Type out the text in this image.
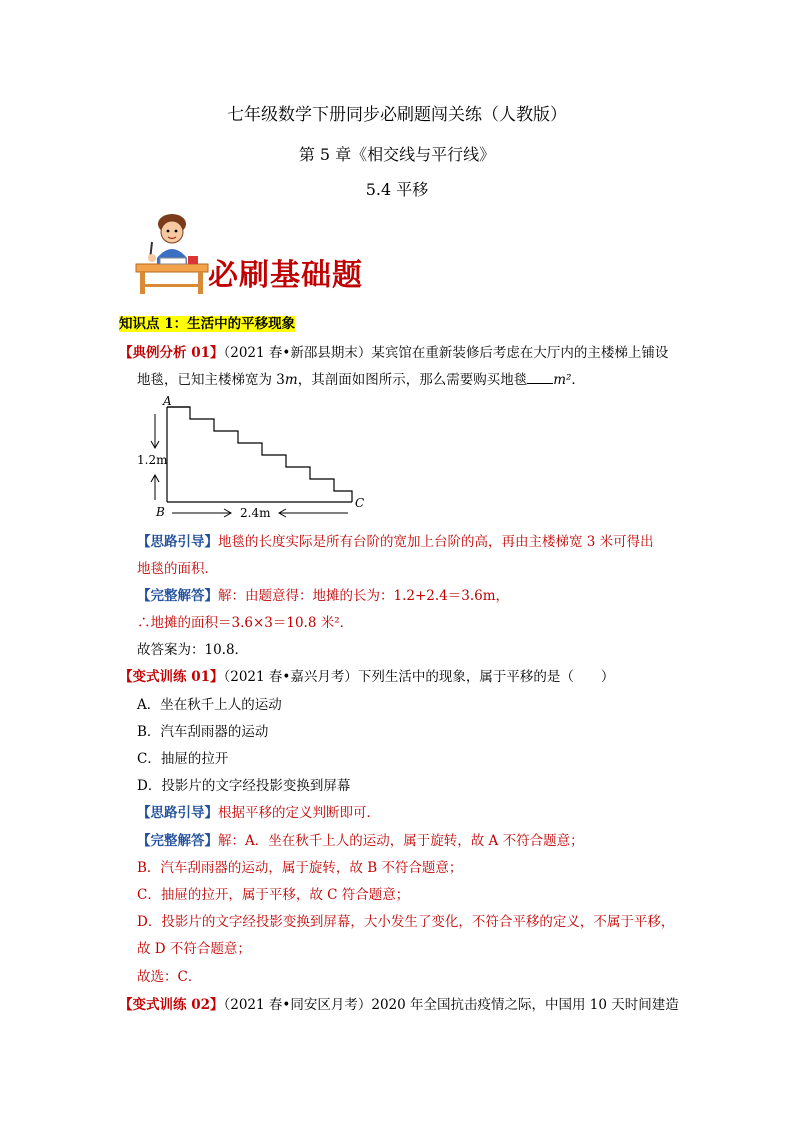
七年级数学下册同步必刷题闯关练（人教版）
第 5 章《相交线与平行线》
5.4 平移
必刷基础题
知识点 1：生活中的平移现象
【典例分析 01】（2021 春•新邵县期末）某宾馆在重新装修后考虑在大厅内的主楼梯上铺设
地毯，已知主楼梯宽为 3m，其剖面如图所示，那么需要购买地毯 m²．
A
B
C
1.2m
2.4m
【思路引导】地毯的长度实际是所有台阶的宽加上台阶的高，再由主楼梯宽 3 米可得出
地毯的面积．
【完整解答】解：由题意得：地摊的长为：1.2+2.4＝3.6m，
∴地摊的面积＝3.6×3＝10.8 米²．
故答案为：10.8．
【变式训练 01】（2021 春•嘉兴月考）下列生活中的现象，属于平移的是（　　）
A．坐在秋千上人的运动
B．汽车刮雨器的运动
C．抽屉的拉开
D．投影片的文字经投影变换到屏幕
【思路引导】根据平移的定义判断即可．
【完整解答】解：A．坐在秋千上人的运动，属于旋转，故 A 不符合题意；
B．汽车刮雨器的运动，属于旋转，故 B 不符合题意；
C．抽屉的拉开，属于平移，故 C 符合题意；
D．投影片的文字经投影变换到屏幕，大小发生了变化，不符合平移的定义，不属于平移，
故 D 不符合题意；
故选：C．
【变式训练 02】（2021 春•同安区月考）2020 年全国抗击疫情之际，中国用 10 天时间建造
